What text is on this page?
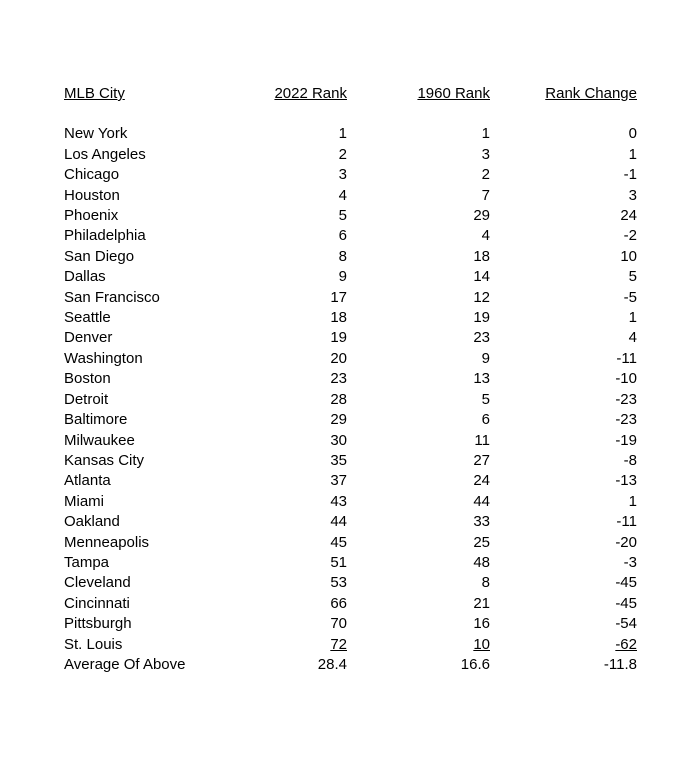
MLB City	2022 Rank	1960 Rank	Rank Change
New York	1	1	0
Los Angeles	2	3	1
Chicago	3	2	-1
Houston	4	7	3
Phoenix	5	29	24
Philadelphia	6	4	-2
San Diego	8	18	10
Dallas	9	14	5
San Francisco	17	12	-5
Seattle	18	19	1
Denver	19	23	4
Washington	20	9	-11
Boston	23	13	-10
Detroit	28	5	-23
Baltimore	29	6	-23
Milwaukee	30	11	-19
Kansas City	35	27	-8
Atlanta	37	24	-13
Miami	43	44	1
Oakland	44	33	-11
Menneapolis	45	25	-20
Tampa	51	48	-3
Cleveland	53	8	-45
Cincinnati	66	21	-45
Pittsburgh	70	16	-54
St. Louis	72	10	-62
Average Of Above	28.4	16.6	-11.8
